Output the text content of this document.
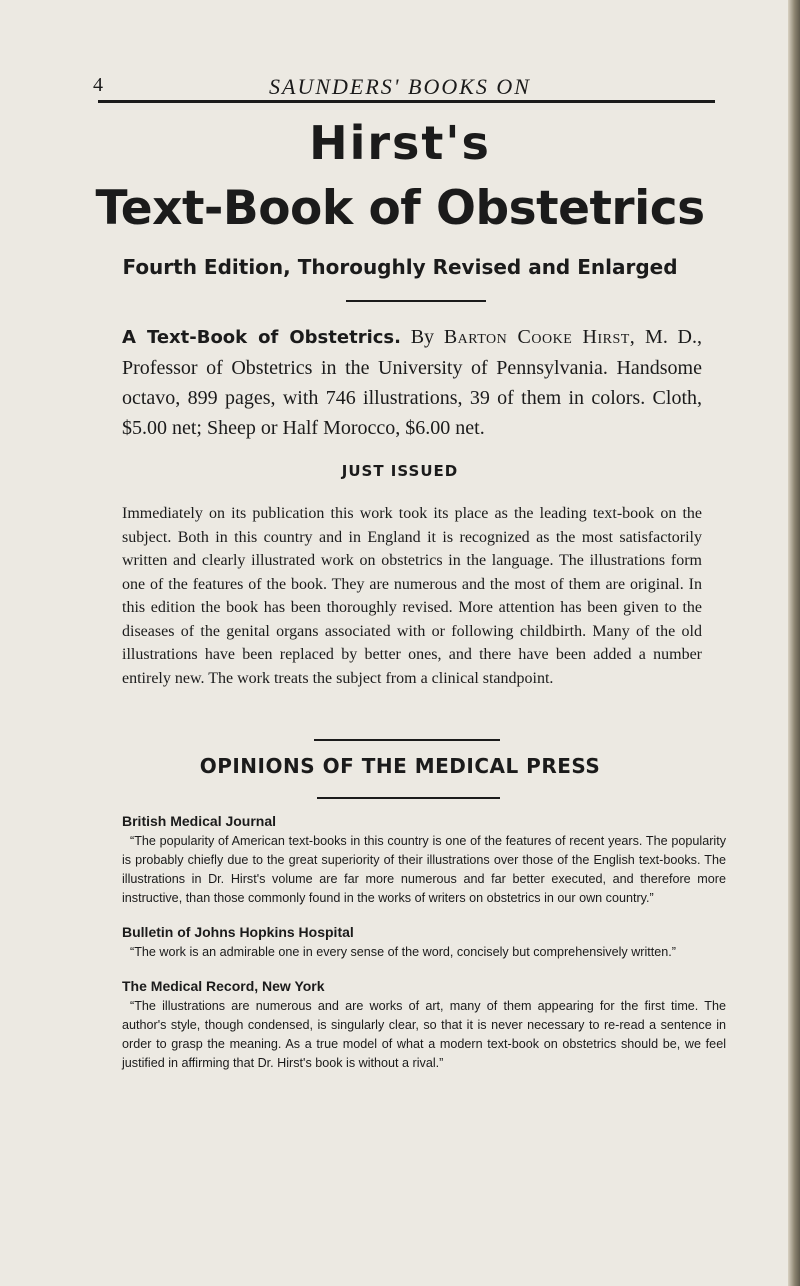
4	SAUNDERS' BOOKS ON
Hirst's
Text-Book of Obstetrics
Fourth Edition, Thoroughly Revised and Enlarged

A Text-Book of Obstetrics. By Barton Cooke Hirst, M. D., Professor of Obstetrics in the University of Pennsylvania. Handsome octavo, 899 pages, with 746 illustrations, 39 of them in colors. Cloth, $5.00 net; Sheep or Half Morocco, $6.00 net.

JUST ISSUED

Immediately on its publication this work took its place as the leading text-book on the subject. Both in this country and in England it is recognized as the most satisfactorily written and clearly illustrated work on obstetrics in the language. The illustrations form one of the features of the book. They are numerous and the most of them are original. In this edition the book has been thoroughly revised. More attention has been given to the diseases of the genital organs associated with or following childbirth. Many of the old illustrations have been replaced by better ones, and there have been added a number entirely new. The work treats the subject from a clinical standpoint.

OPINIONS OF THE MEDICAL PRESS

British Medical Journal

“The popularity of American text-books in this country is one of the features of recent years. The popularity is probably chiefly due to the great superiority of their illustrations over those of the English text-books. The illustrations in Dr. Hirst's volume are far more numerous and far better executed, and therefore more instructive, than those commonly found in the works of writers on obstetrics in our own country.”

Bulletin of Johns Hopkins Hospital

“The work is an admirable one in every sense of the word, concisely but comprehensively written.”

The Medical Record, New York

“The illustrations are numerous and are works of art, many of them appearing for the first time. The author's style, though condensed, is singularly clear, so that it is never necessary to re-read a sentence in order to grasp the meaning. As a true model of what a modern text-book on obstetrics should be, we feel justified in affirming that Dr. Hirst's book is without a rival.”
